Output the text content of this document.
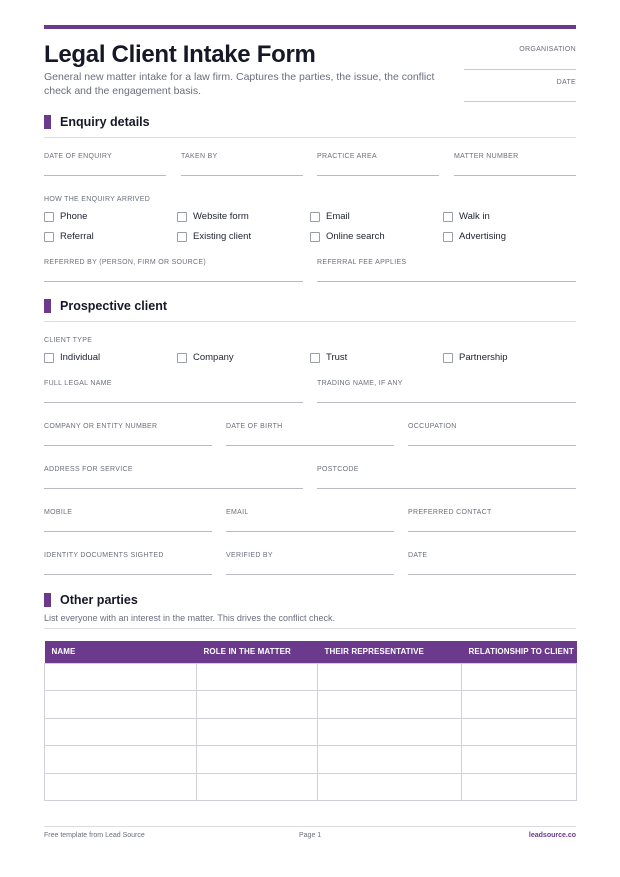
Legal Client Intake Form
General new matter intake for a law firm. Captures the parties, the issue, the conflict check and the engagement basis.
ORGANISATION
DATE
Enquiry details
DATE OF ENQUIRY	TAKEN BY	PRACTICE AREA	MATTER NUMBER
HOW THE ENQUIRY ARRIVED
Phone	Website form	Email	Walk in
Referral	Existing client	Online search	Advertising
REFERRED BY (PERSON, FIRM OR SOURCE)	REFERRAL FEE APPLIES
Prospective client
CLIENT TYPE
Individual	Company	Trust	Partnership
FULL LEGAL NAME	TRADING NAME, IF ANY
COMPANY OR ENTITY NUMBER	DATE OF BIRTH	OCCUPATION
ADDRESS FOR SERVICE	POSTCODE
MOBILE	EMAIL	PREFERRED CONTACT
IDENTITY DOCUMENTS SIGHTED	VERIFIED BY	DATE
Other parties
List everyone with an interest in the matter. This drives the conflict check.
NAME	ROLE IN THE MATTER	THEIR REPRESENTATIVE	RELATIONSHIP TO CLIENT

Free template from Lead Source	Page 1	leadsource.co
